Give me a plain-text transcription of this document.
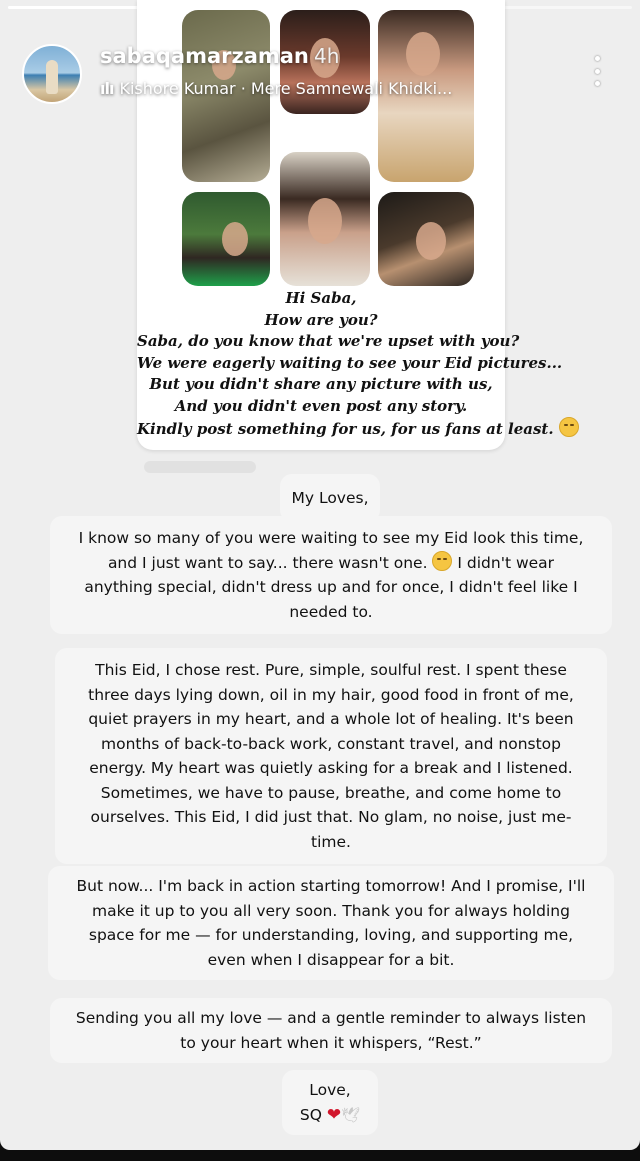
Hi Saba,
How are you?
Saba, do you know that we're upset with you?
We were eagerly waiting to see your Eid pictures...
But you didn't share any picture with us,
And you didn't even post any story.
Kindly post something for us, for us fans at least.
sabaqamarzaman 4h
ılı Kishore Kumar · Mere Samnewali Khidki...
My Loves,
I know so many of you were waiting to see my Eid look this time,
and I just want to say... there wasn't one. I didn't wear
anything special, didn't dress up and for once, I didn't feel like I
needed to.
This Eid, I chose rest. Pure, simple, soulful rest. I spent these
three days lying down, oil in my hair, good food in front of me,
quiet prayers in my heart, and a whole lot of healing. It's been
months of back-to-back work, constant travel, and nonstop
energy. My heart was quietly asking for a break and I listened.
Sometimes, we have to pause, breathe, and come home to
ourselves. This Eid, I did just that. No glam, no noise, just me-
time.
But now... I'm back in action starting tomorrow! And I promise, I'll
make it up to you all very soon. Thank you for always holding
space for me — for understanding, loving, and supporting me,
even when I disappear for a bit.
Sending you all my love — and a gentle reminder to always listen
to your heart when it whispers, “Rest.”
Love,
SQ ❤🕊
